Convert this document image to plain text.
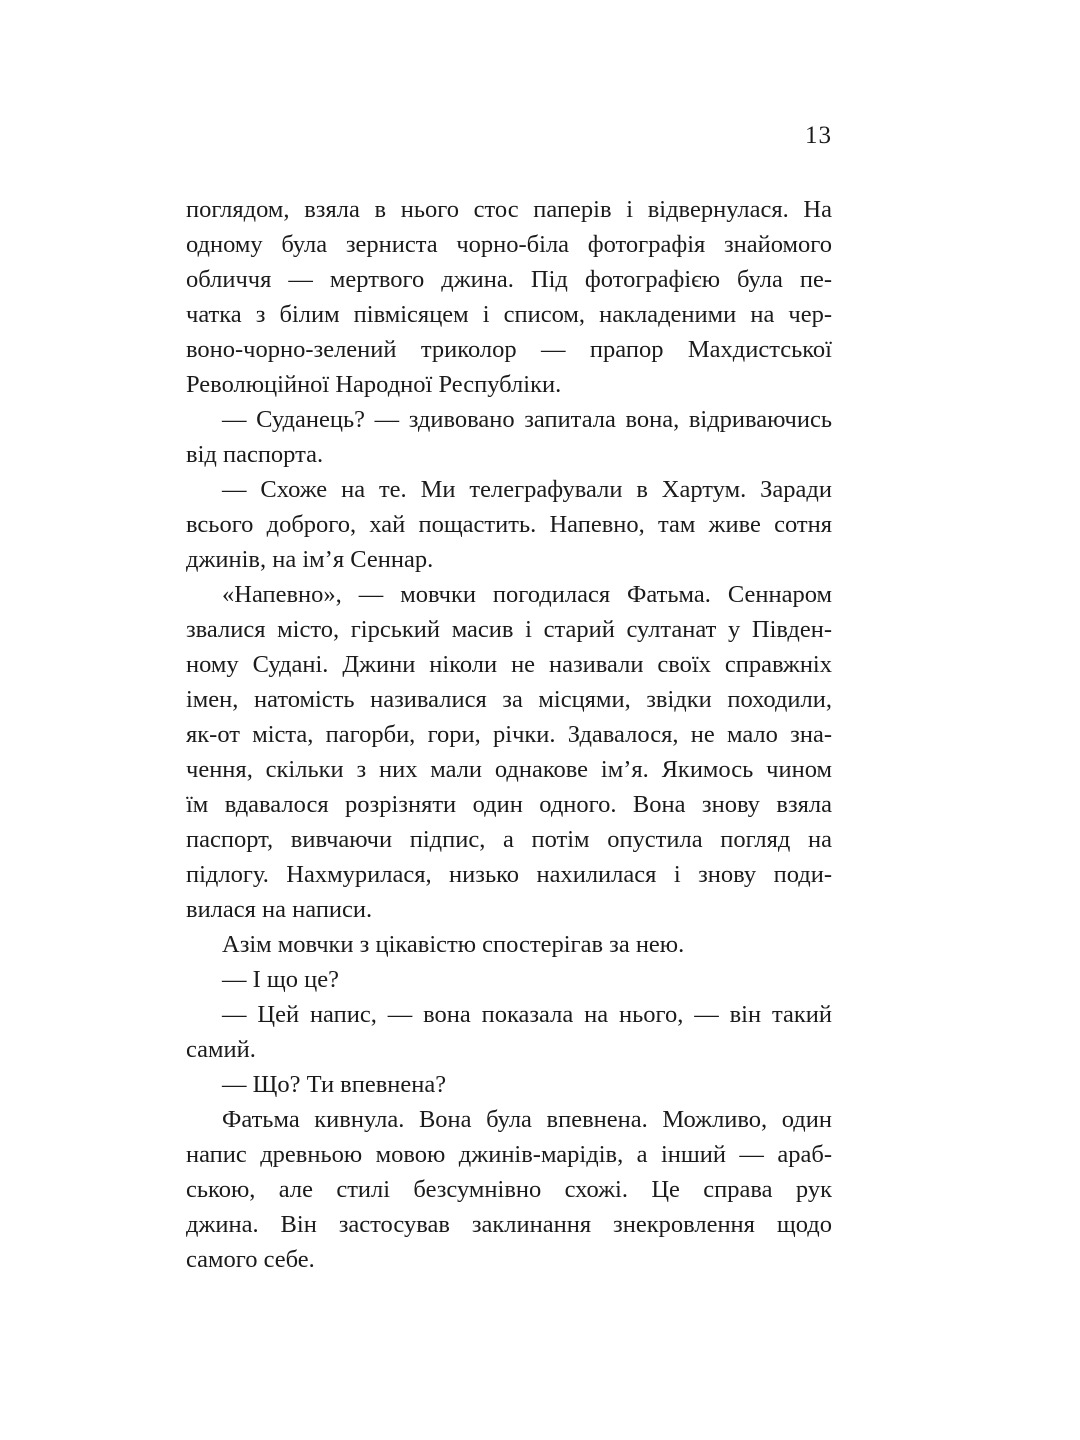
13
поглядом, взяла в нього стос паперів і відвернулася. На
одному була зерниста чорно-біла фотографія знайомого
обличчя — мертвого джина. Під фотографією була пе-
чатка з білим півмісяцем і списом, накладеними на чер-
воно-чорно-зелений триколор — прапор Махдистської
Революційної Народної Республіки.
— Суданець? — здивовано запитала вона, відриваючись
від паспорта.
— Схоже на те. Ми телеграфували в Хартум. Заради
всього доброго, хай пощастить. Напевно, там живе сотня
джинів, на ім’я Сеннар.
«Напевно», — мовчки погодилася Фатьма. Сеннаром
звалися місто, гірський масив і старий султанат у Півден-
ному Судані. Джини ніколи не називали своїх справжніх
імен, натомість називалися за місцями, звідки походили,
як-от міста, пагорби, гори, річки. Здавалося, не мало зна-
чення, скільки з них мали однакове ім’я. Якимось чином
їм вдавалося розрізняти один одного. Вона знову взяла
паспорт, вивчаючи підпис, а потім опустила погляд на
підлогу. Нахмурилася, низько нахилилася і знову поди-
вилася на написи.
Азім мовчки з цікавістю спостерігав за нею.
— І що це?
— Цей напис, — вона показала на нього, — він такий
самий.
— Що? Ти впевнена?
Фатьма кивнула. Вона була впевнена. Можливо, один
напис древньою мовою джинів-марідів, а інший — араб-
ською, але стилі безсумнівно схожі. Це справа рук
джина. Він застосував заклинання знекровлення щодо
самого себе.
